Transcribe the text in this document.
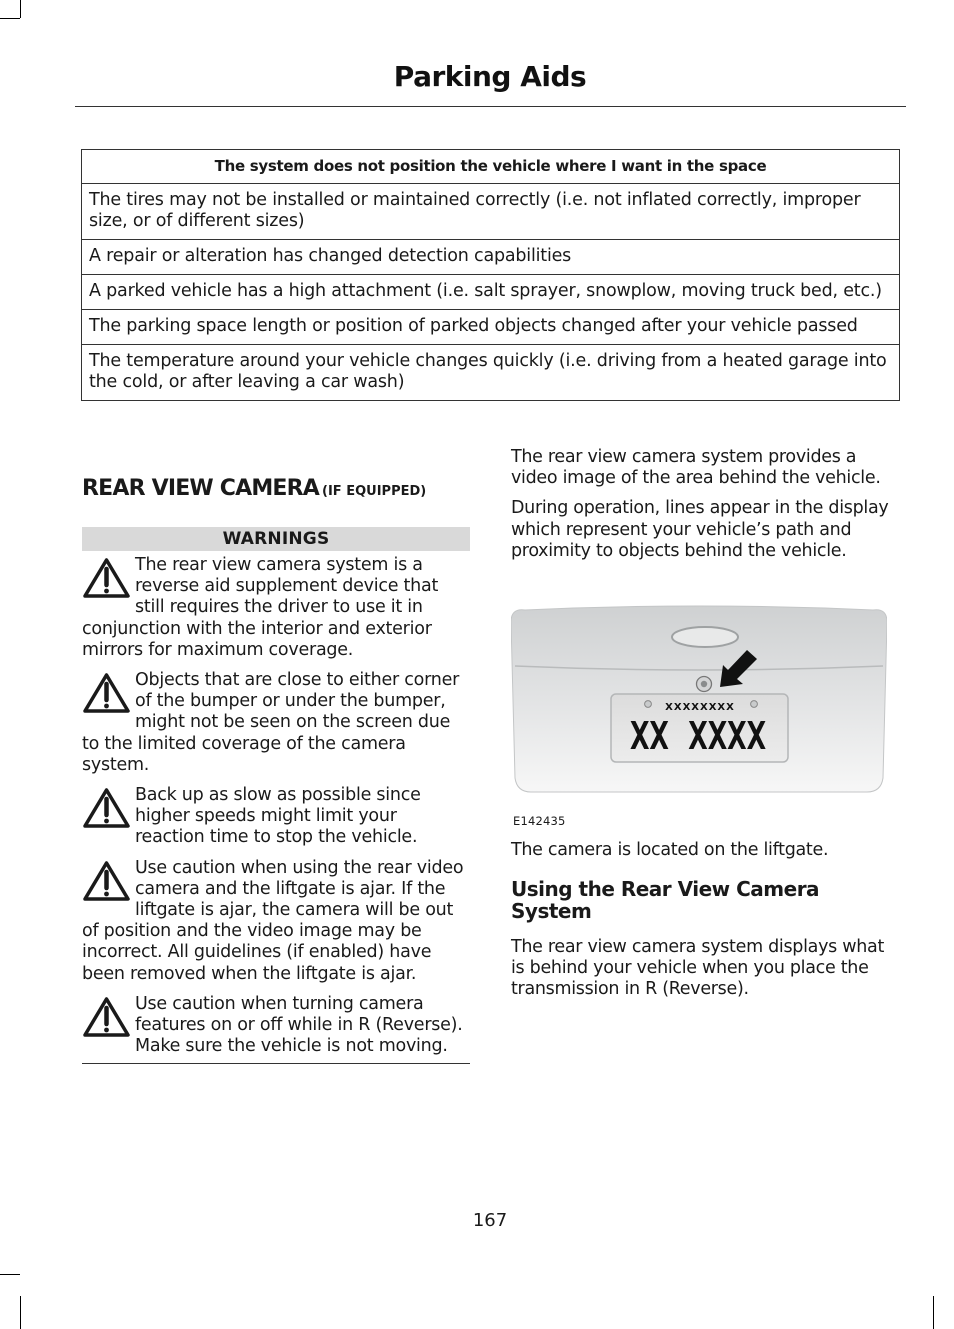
Parking Aids
The system does not position the vehicle where I want in the space
The tires may not be installed or maintained correctly (i.e. not inflated correctly, improper size, or of different sizes)
A repair or alteration has changed detection capabilities
A parked vehicle has a high attachment (i.e. salt sprayer, snowplow, moving truck bed, etc.)
The parking space length or position of parked objects changed after your vehicle passed
The temperature around your vehicle changes quickly (i.e. driving from a heated garage into the cold, or after leaving a car wash)
REAR VIEW CAMERA (IF EQUIPPED)
WARNINGS
The rear view camera system is a reverse aid supplement device that still requires the driver to use it in conjunction with the interior and exterior mirrors for maximum coverage.
Objects that are close to either corner of the bumper or under the bumper, might not be seen on the screen due to the limited coverage of the camera system.
Back up as slow as possible since higher speeds might limit your reaction time to stop the vehicle.
Use caution when using the rear video camera and the liftgate is ajar. If the liftgate is ajar, the camera will be out of position and the video image may be incorrect. All guidelines (if enabled) have been removed when the liftgate is ajar.
Use caution when turning camera features on or off while in R (Reverse). Make sure the vehicle is not moving.

The rear view camera system provides a video image of the area behind the vehicle.

During operation, lines appear in the display which represent your vehicle’s path and proximity to objects behind the vehicle.

XXXXXXXX
XX XXXX
E142435

The camera is located on the liftgate.

Using the Rear View Camera System

The rear view camera system displays what is behind your vehicle when you place the transmission in R (Reverse).

167
